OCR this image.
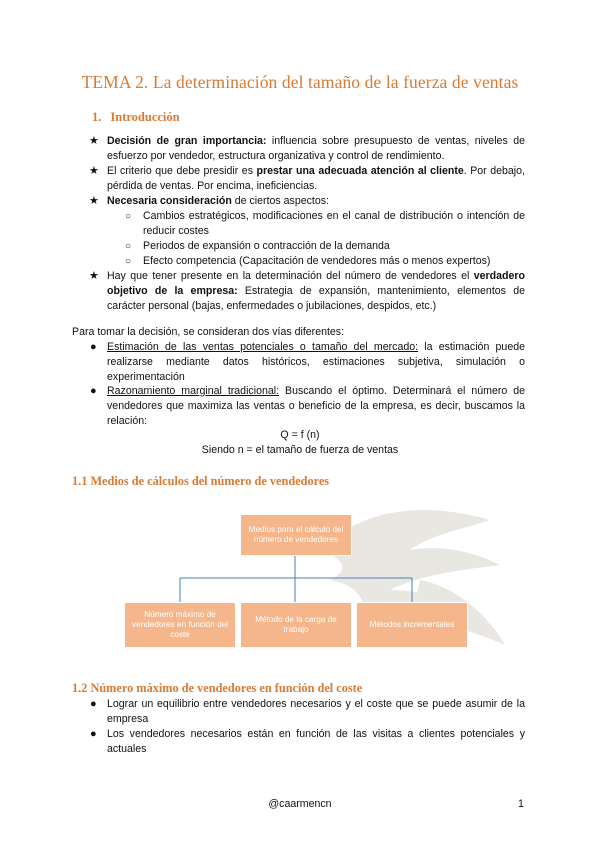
TEMA 2. La determinación del tamaño de la fuerza de ventas
1. Introducción
★ Decisión de gran importancia: influencia sobre presupuesto de ventas, niveles de esfuerzo por vendedor, estructura organizativa y control de rendimiento.
★ El criterio que debe presidir es prestar una adecuada atención al cliente. Por debajo, pérdida de ventas. Por encima, ineficiencias.
★ Necesaria consideración de ciertos aspectos:
○ Cambios estratégicos, modificaciones en el canal de distribución o intención de reducir costes
○ Periodos de expansión o contracción de la demanda
○ Efecto competencia (Capacitación de vendedores más o menos expertos)
★ Hay que tener presente en la determinación del número de vendedores el verdadero objetivo de la empresa: Estrategia de expansión, mantenimiento, elementos de carácter personal (bajas, enfermedades o jubilaciones, despidos, etc.)
Para tomar la decisión, se consideran dos vías diferentes:
● Estimación de las ventas potenciales o tamaño del mercado: la estimación puede realizarse mediante datos históricos, estimaciones subjetiva, simulación o experimentación
● Razonamiento marginal tradicional: Buscando el óptimo. Determinará el número de vendedores que maximiza las ventas o beneficio de la empresa, es decir, buscamos la relación:
Q = f (n)
Siendo n = el tamaño de fuerza de ventas
1.1 Medios de cálculos del número de vendedores
Medios para el cálculo del número de vendedores
Número máximo de vendedores en función del coste
Método de la carga de trabajo
Métodos incrementales
1.2 Número máximo de vendedores en función del coste
● Lograr un equilibrio entre vendedores necesarios y el coste que se puede asumir de la empresa
● Los vendedores necesarios están en función de las visitas a clientes potenciales y actuales
@caarmencn	1
